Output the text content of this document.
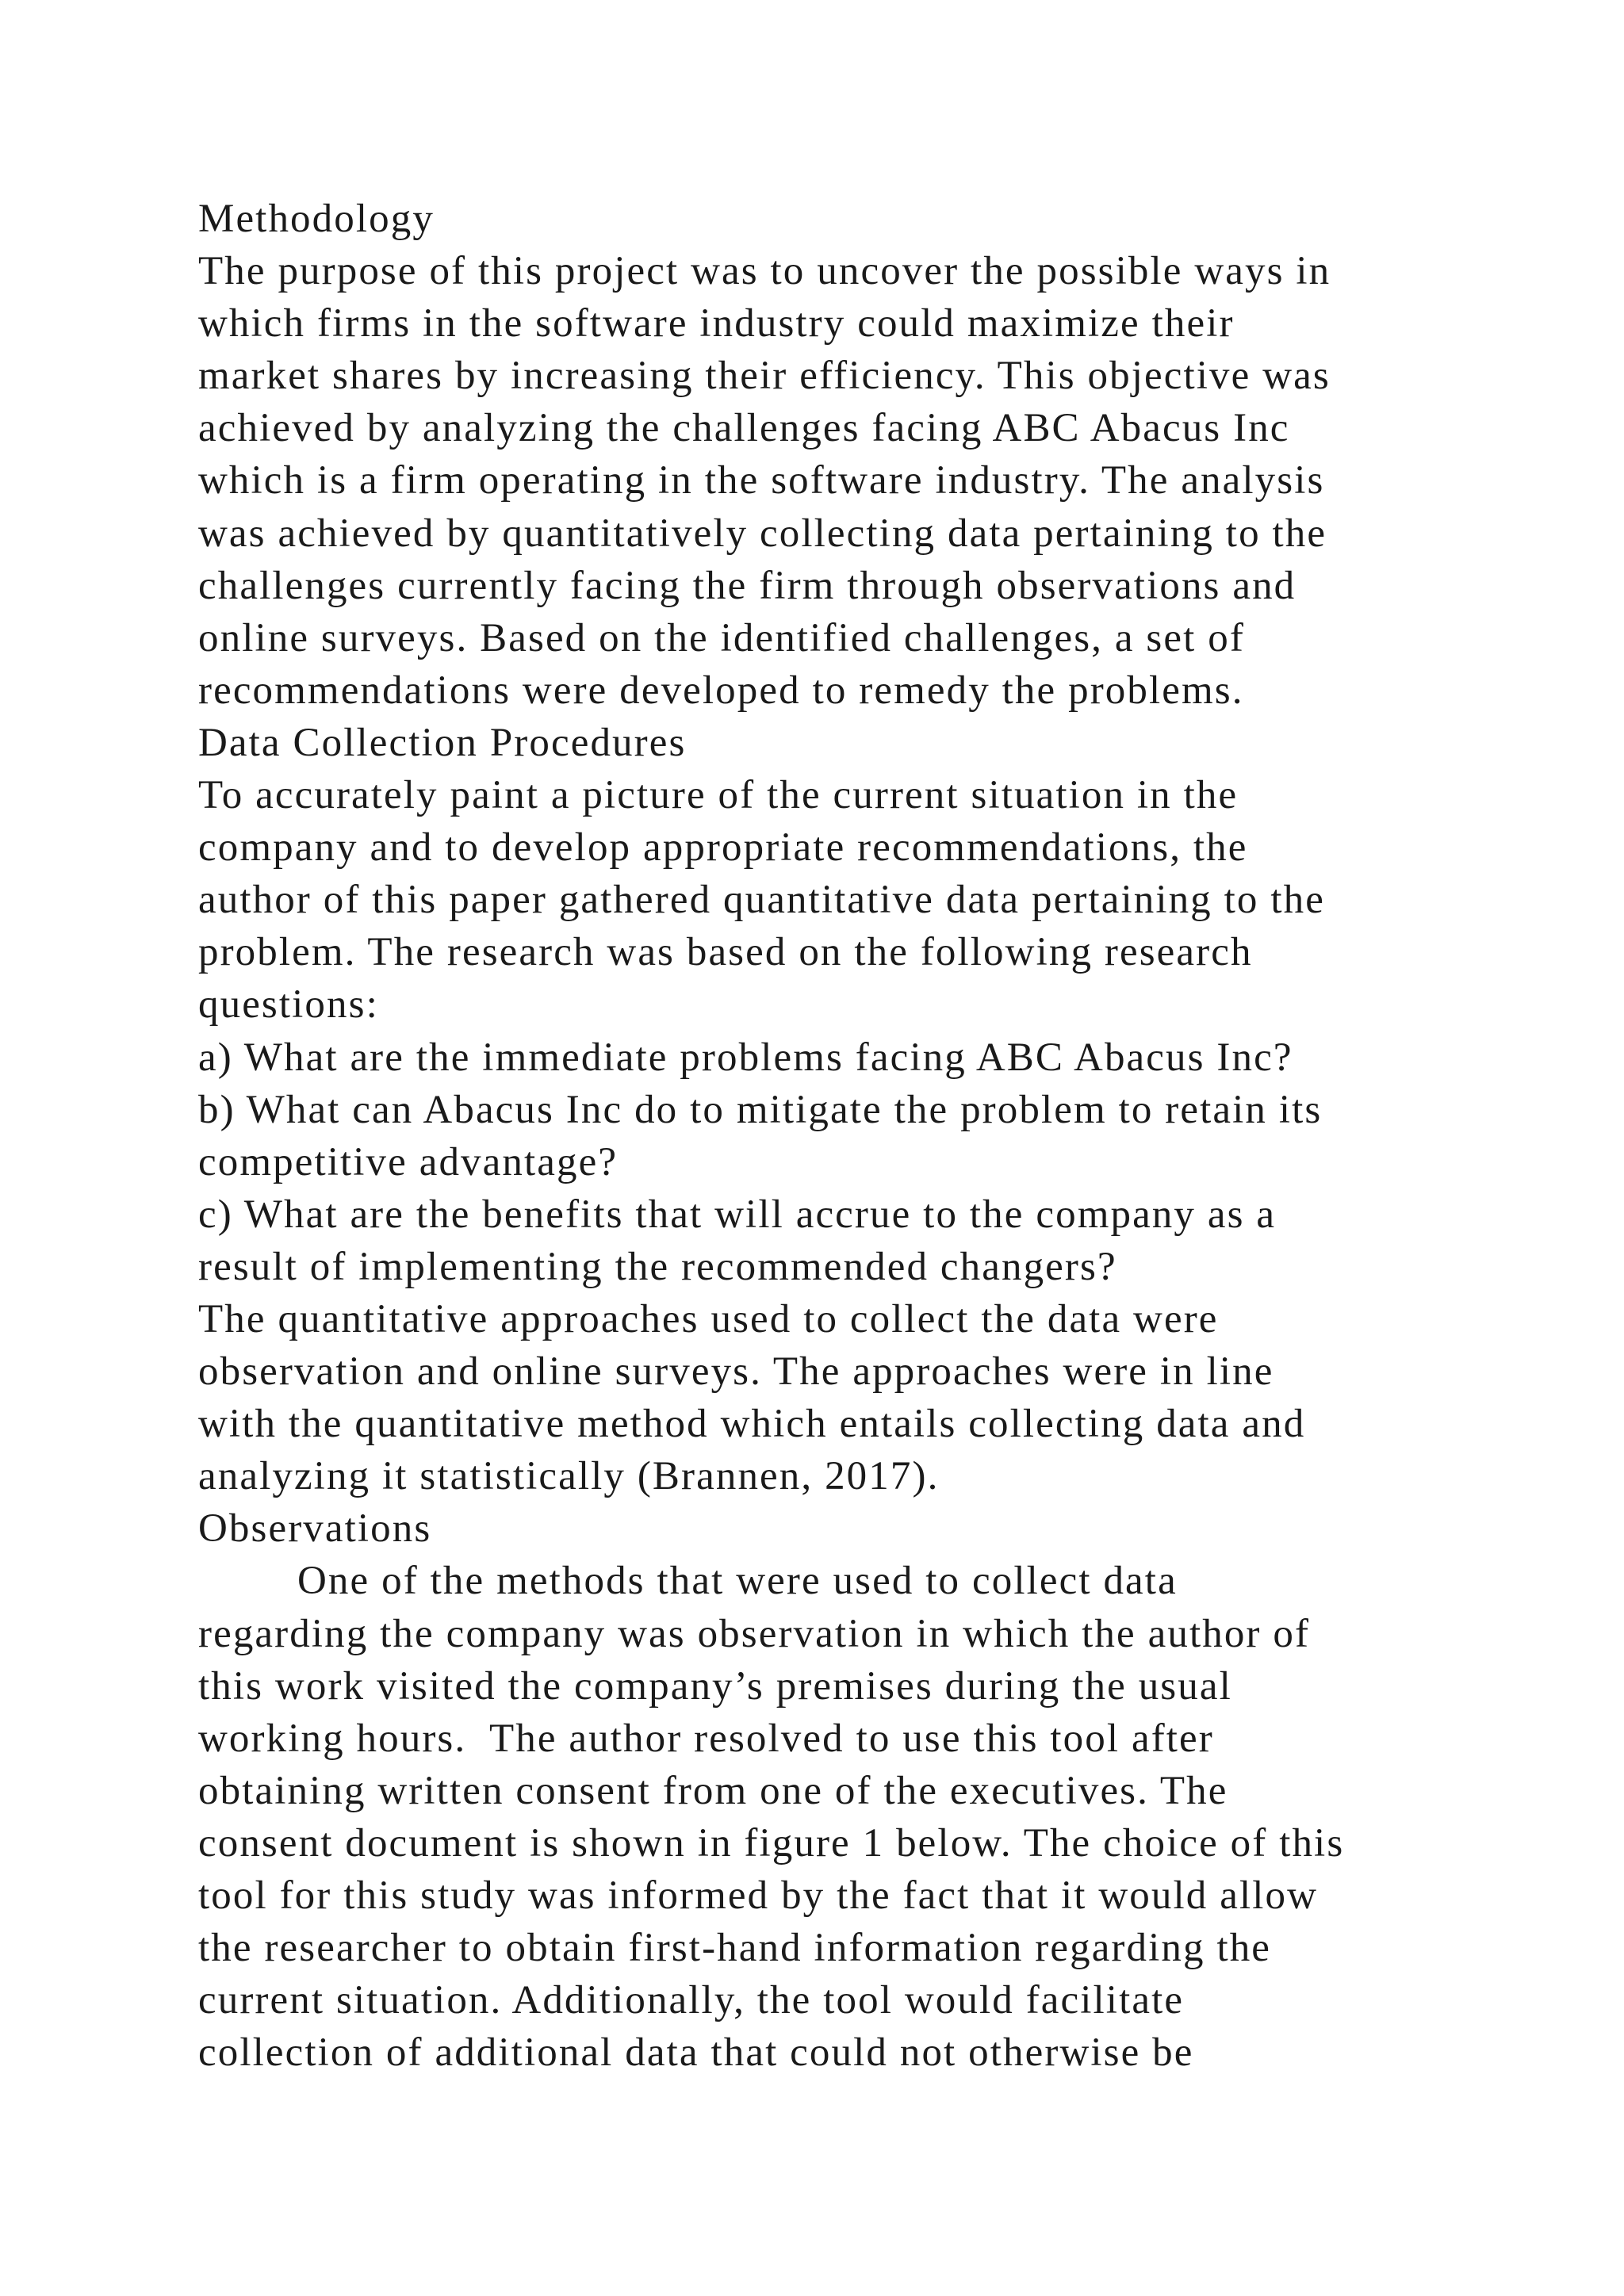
Methodology
The purpose of this project was to uncover the possible ways in
which firms in the software industry could maximize their
market shares by increasing their efficiency. This objective was
achieved by analyzing the challenges facing ABC Abacus Inc
which is a firm operating in the software industry. The analysis
was achieved by quantitatively collecting data pertaining to the
challenges currently facing the firm through observations and
online surveys. Based on the identified challenges, a set of
recommendations were developed to remedy the problems.
Data Collection Procedures
To accurately paint a picture of the current situation in the
company and to develop appropriate recommendations, the
author of this paper gathered quantitative data pertaining to the
problem. The research was based on the following research
questions:
a) What are the immediate problems facing ABC Abacus Inc?
b) What can Abacus Inc do to mitigate the problem to retain its
competitive advantage?
c) What are the benefits that will accrue to the company as a
result of implementing the recommended changers?
The quantitative approaches used to collect the data were
observation and online surveys. The approaches were in line
with the quantitative method which entails collecting data and
analyzing it statistically (Brannen, 2017).
Observations
One of the methods that were used to collect data
regarding the company was observation in which the author of
this work visited the company’s premises during the usual
working hours.  The author resolved to use this tool after
obtaining written consent from one of the executives. The
consent document is shown in figure 1 below. The choice of this
tool for this study was informed by the fact that it would allow
the researcher to obtain first-hand information regarding the
current situation. Additionally, the tool would facilitate
collection of additional data that could not otherwise be
